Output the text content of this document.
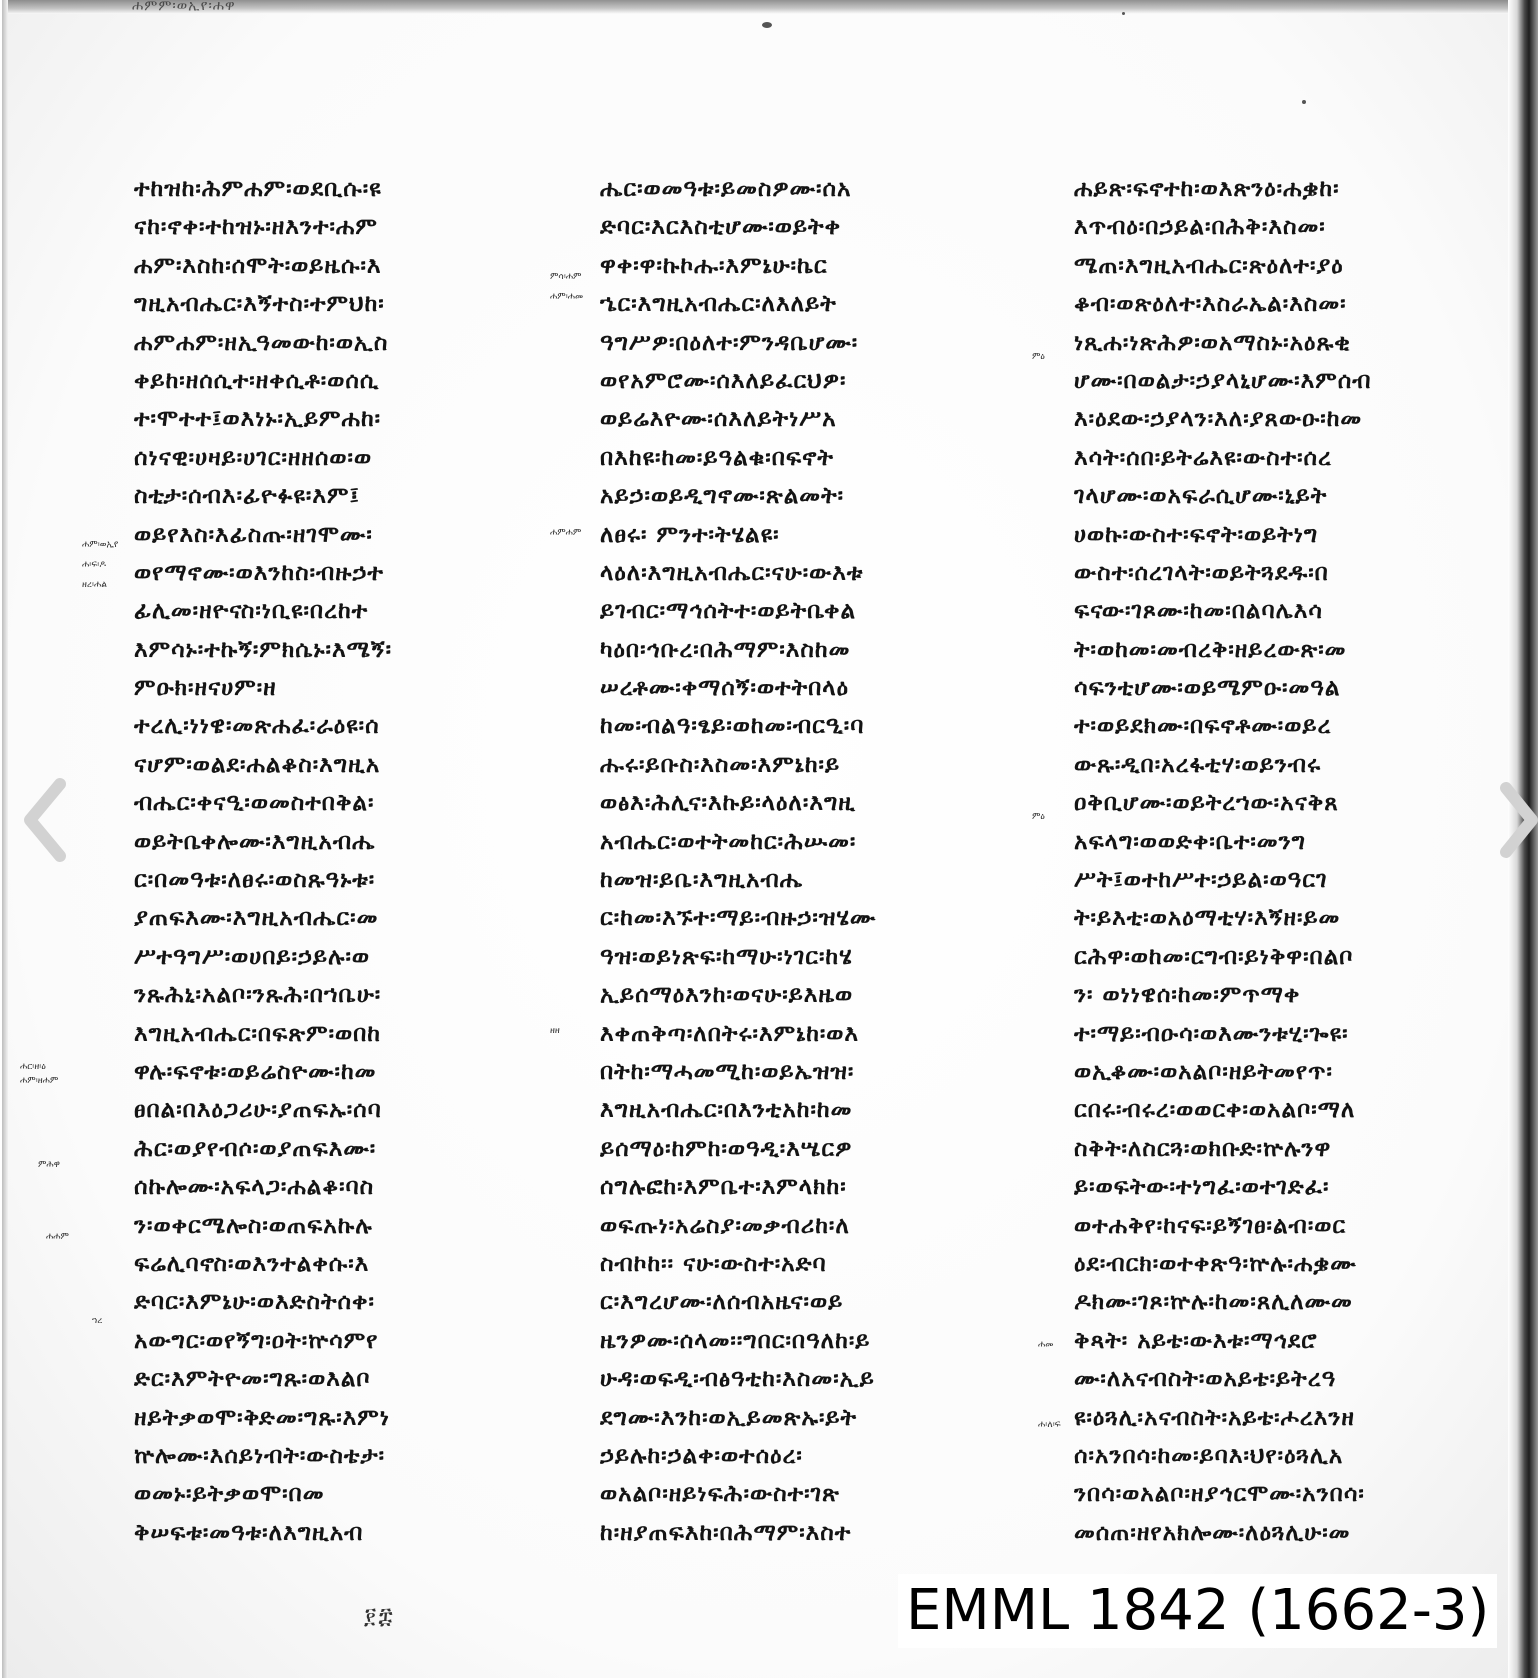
ሐምም፡ወኢየ፡ሐዋ
ተከዝከ፡ሕምሐም፡ወደቢሱ፡ዩ
ናከ፡ኖቀ፡ተከዝኑ፡ዘእንተ፡ሐም
ሐም፡እስከ፡ሰሞት፡ወይዜሱ፡እ
ግዚአብሔር፡እኝተስ፡ተምህከ፡
ሐምሐም፡ዘኢዓመውከ፡ወኢስ
ቀይከ፡ዘሰሲተ፡ዘቀሲቶ፡ወሰሲ
ተ፡ሞተተ፤ወእነኑ፡ኢይምሐከ፡
ሰነናዊ፡ሀዛይ፡ሀገር፡ዘዘሰወ፡ወ
ስቲታ፡ሰብእ፡ፊዮፉዩ፡እም፤
ወይየእስ፡እፊስጡ፡ዘገሞሙ፡
ወየማኖሙ፡ወእንከስ፡ብዙኃተ
ፊሊመ፡ዘዮናስ፡ነቢዩ፡በረከተ
እምሳኑ፡ተኩኝ፡ምክሴኑ፡እሜኝ፡
ምዑክ፡ዘናሀም፡ዘ
ተረሊ፡ነነዌ፡መጽሐፈ፡ራዕዩ፡ሰ
ናሆም፡ወልደ፡ሐልቆስ፡እግዚአ
ብሔር፡ቀናዒ፡ወመስተበቅል፡
ወይትቤቀሎሙ፡እግዚአብሔ
ር፡በመዓቱ፡ለፀሩ፡ወስጹዓኑቱ፡
ያጠፍእሙ፡እግዚአብሔር፡መ
ሥተዓግሥ፡ወሀበይ፡ኃይሉ፡ወ
ንጹሕኒ፡አልቦ፡ንጹሕ፡በኀቤሁ፡
እግዚአብሔር፡በፍጽም፡ወበከ
ዋሉ፡ፍኖቱ፡ወይሬስዮሙ፡ከመ
ፀበል፡በእዕጋሪሁ፡ያጠፍኡ፡ሰባ
ሕር፡ወያየብሶ፡ወያጠፍእሙ፡
ሰኩሎሙ፡አፍላጋ፡ሐልቆ፡ባስ
ን፡ወቀርሜሎስ፡ወጠፍአኩሉ
ፍሬሊባኖስ፡ወእንተልቀሱ፡እ
ድባር፡እምኔሁ፡ወእድስትሰቀ፡
አውግር፡ወየኝግ፡ዐት፡ኵሳምየ
ድር፡እምትዮመ፡ግጹ፡ወእልቦ
ዘይትቃወሞ፡ቅድመ፡ግጹ፡እምነ
ኵሎሙ፡እሰይነብት፡ውስቴታ፡
ወመኑ፡ይትቃወሞ፡በመ
ቅሠፍቱ፡መዓቱ፡ለእግዚአብ
ሔር፡ወመዓቱ፡ይመስዎሙ፡ሰአ
ድባር፡እርእስቲሆሙ፡ወይትቀ
ዋቀ፡ዋ፡ኩኮሑ፡እምኔሁ፡ኬር
ኄር፡እግዚአብሔር፡ለእለይት
ዓግሥዎ፡በዕለተ፡ምንዳቤሆሙ፡
ወየአምሮሙ፡ሰእለይፈርህዎ፡
ወይሬእዮሙ፡ሰእለይትነሥአ
በእከዩ፡ከመ፡ይዓልቁ፡በፍኖት
አይኃ፡ወይዲግኖሙ፡ጽልመት፡
ለፀሩ፡ ምንተ፡ትሄልዩ፡
ላዕለ፡እግዚአብሔር፡ናሁ፡ውእቱ
ይገብር፡ማኅሰትተ፡ወይትቤቀል
ካዕበ፡ኅቡረ፡በሕማም፡እስከመ
ሠረቶሙ፡ቀማሰኝ፡ወተትበላዕ
ከመ፡ብልዓ፡ፄይ፡ወከመ፡ብርዒ፡ባ
ሑሩ፡ይቡስ፡እስመ፡እምኔከ፡ይ
ወፅእ፡ሕሊና፡እኩይ፡ላዕለ፡እግዚ
አብሔር፡ወተትመከር፡ሕሡመ፡
ከመዝ፡ይቤ፡እግዚአብሔ
ር፡ከመ፡እኙተ፡ማይ፡ብዙኃ፡ዝሄሙ
ዓዝ፡ወይነጽፍ፡ከማሁ፡ነገር፡ከሄ
ኢይሰማዕእንከ፡ወናሁ፡ይእዜወ
እቀጠቅጣ፡ለበትሩ፡እምኔከ፡ወእ
በትከ፡ማሓመሚከ፡ወይኤዝዝ፡
እግዚአብሔር፡በእንቲአከ፡ከመ
ይሰማዕ፡ከምከ፡ወዓዲ፡እሤርዎ
ሰግሉፎከ፡እምቤተ፡እምላክከ፡
ወፍጡነ፡አሬስያ፡መቃብሪከ፡ለ
ስብኮከ፡፡ ናሁ፡ውስተ፡አድባ
ር፡እግረሆሙ፡ለሰብአዜና፡ወይ
ዜንዎሙ፡ሰላመ፡፡ግበር፡በዓለከ፡ይ
ሁዳ፡ወፍዲ፡ብፅዓቲከ፡እስመ፡ኢይ
ደግሙ፡እንከ፡ወኢይመጽኡ፡ይት
ኃይሉከ፡ኃልቀ፡ወተሰዕረ፡
ወአልቦ፡ዘይነፍሕ፡ውስተ፡ገጽ
ከ፡ዘያጠፍእከ፡በሕማም፡እስተ
ሐይጽ፡ፍኖተከ፡ወእጽንዕ፡ሐቌከ፡
እጥብዕ፡በኃይል፡በሕቅ፡እስመ፡
ሜጠ፡እግዚአብሔር፡ጽዕለተ፡ያዕ
ቆብ፡ወጽዕለተ፡እስራኤል፡እስመ፡
ነጺሐ፡ነጽሕዎ፡ወአማስኑ፡አዕጹቂ
ሆሙ፡በወልታ፡ኃያላኒሆሙ፡እምሰብ
እ፡ዕደው፡ኃያላን፡እለ፡ያጸውዑ፡ከመ
እሳት፡ሰበ፡ይትሬእዩ፡ውስተ፡ሰረ
ገላሆሙ፡ወአፍራሲሆሙ፡ኒይት
ሀወኩ፡ውስተ፡ፍኖት፡ወይትነግ
ውስተ፡ሰረገላት፡ወይትጓደዱ፡በ
ፍናው፡ገጾሙ፡ከመ፡በልባሌእሳ
ት፡ወከመ፡መብረቅ፡ዘይረውጽ፡መ
ሳፍንቲሆሙ፡ወይሜምዑ፡መዓል
ተ፡ወይደክሙ፡በፍኖቶሙ፡ወይረ
ውጹ፡ዲበ፡አረፋቲሃ፡ወይንብሩ
ዐቅቢሆሙ፡ወይትረኀው፡አናቅጸ
አፍላግ፡ወወድቀ፡ቤተ፡መንግ
ሥት፤ወተከሥተ፡ኃይል፡ወዓርገ
ት፡ይእቲ፡ወአዕማቲሃ፡እኝዘ፡ይመ
ርሕዋ፡ወከመ፡ርግብ፡ይነቅዋ፡በልቦ
ን፡ ወነነዌሰ፡ከመ፡ምጥማቀ
ተ፡ማይ፡ብዑሳ፡ወእሙንቱሂ፡ጐዩ፡
ወኢቆሙ፡ወአልቦ፡ዘይትመየጥ፡
ርበሩ፡ብሩረ፡ወወርቀ፡ወአልቦ፡ማለ
ስቅት፡ለስርጓ፡ወክቡድ፡ኵሉንዋ
ይ፡ወፍትው፡ተነግፈ፡ወተገድፈ፡
ወተሐቅየ፡ከናፍ፡ይኝገፀ፡ልብ፡ወር
ዕደ፡ብርክ፡ወተቀጽዓ፡ኵሉ፡ሐቌሙ
ዶክሙ፡ገጾ፡ኵሉ፡ከመ፡ጸሊለሙመ
ቅጻት፡ አይቴ፡ውእቱ፡ማኅደሮ
ሙ፡ለአናብስት፡ወአይቴ፡ይትረዓ
ዩ፡ዕጓሊ፡አናብስት፡አይቴ፡ሖረእንዘ
ሰ፡አንበሳ፡ከመ፡ይባእ፡ህየ፡ዕጓሊአ
ንበሳ፡ወአልቦ፡ዘያኅርሞሙ፡አንበሳ፡
መሰጠ፡ዘየአክሎሙ፡ለዕጓሊሁ፡መ
ሐም፡ወኢየ
ሐ፡ፍ፡ዶ
ዘረ፡ሐል
ምሳ፡ሐም
ሐም፡ሐመ
ሐምሐም
ምዕ
ምዕ
ሐር፡ዘ፡ዕ
ሐም፡ዘሐም
ዘዘ
ምሕዋ
ሐሐም
ኀረ
ሐመ
ሐ፡ለ፡ፍ
፻፰	EMML 1842 (1662-3)
